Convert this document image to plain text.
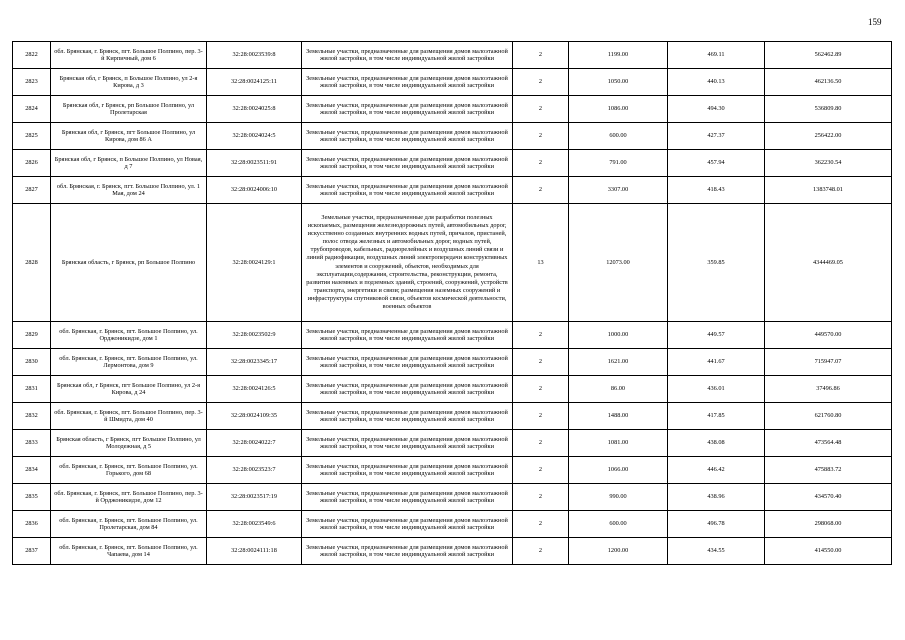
159
2822	обл. Брянская, г. Брянск, пгт. Большое Полпино, пер. 3-й Кирпичный, дом 6	32:28:0023539:8	Земельные участки, предназначенные для размещения домов малоэтажной жилой застройки, в том числе индивидуальной жилой застройки	2	1199.00	469.11	562462.89
2823	Брянская обл, г Брянск, п Большое Полпино, ул 2-я Кирова, д 3	32:28:0024125:11	Земельные участки, предназначенные для размещения домов малоэтажной жилой застройки, в том числе индивидуальной жилой застройки	2	1050.00	440.13	462136.50
2824	Брянская обл, г Брянск, рп Большое Полпино, ул Пролетарская	32:28:0024025:8	Земельные участки, предназначенные для размещения домов малоэтажной жилой застройки, в том числе индивидуальной жилой застройки	2	1086.00	494.30	536809.80
2825	Брянская обл, г Брянск, пгт Большое Полпино, ул Кирова, дом 86 А	32:28:0024024:5	Земельные участки, предназначенные для размещения домов малоэтажной жилой застройки, в том числе индивидуальной жилой застройки	2	600.00	427.37	256422.00
2826	Брянская обл, г Брянск, п Большое Полпино, ул Новая, д 7	32:28:0023511:91	Земельные участки, предназначенные для размещения домов малоэтажной жилой застройки, в том числе индивидуальной жилой застройки	2	791.00	457.94	362230.54
2827	обл. Брянская, г. Брянск, пгт. Большое Полпино, ул. 1 Мая, дом 24	32:28:0024006:10	Земельные участки, предназначенные для размещения домов малоэтажной жилой застройки, в том числе индивидуальной жилой застройки	2	3307.00	418.43	1383748.01
2828	Брянская область, г Брянск, рп Большое Полпино	32:28:0024129:1	Земельные участки, предназначенные для разработки полезных ископаемых, размещения железнодорожных путей, автомобильных дорог, искусственно созданных внутренних водных путей, причалов, пристаней, полос отвода железных и автомобильных дорог, водных путей, трубопроводов, кабельных, радиорелейных и воздушных линий связи и линий радиофикации, воздушных линий электропередачи конструктивных элементов и сооружений, объектов, необходимых для эксплуатации,содержания, строительства, реконструкции, ремонта, развития наземных и подземных зданий, строений, сооружений, устройств транспорта, энергетики и связи; размещения наземных сооружений и инфраструктуры спутниковой связи, объектов космической деятельности, военных объектов	13	12073.00	359.85	4344469.05
2829	обл. Брянская, г. Брянск, пгт. Большое Полпино, ул. Орджоникидзе, дом 1	32:28:0023502:9	Земельные участки, предназначенные для размещения домов малоэтажной жилой застройки, в том числе индивидуальной жилой застройки	2	1000.00	449.57	449570.00
2830	обл. Брянская, г. Брянск, пгт. Большое Полпино, ул. Лермонтова, дом 9	32:28:0023345:17	Земельные участки, предназначенные для размещения домов малоэтажной жилой застройки, в том числе индивидуальной жилой застройки	2	1621.00	441.67	715947.07
2831	Брянская обл, г Брянск, пгт Большое Полпино, ул 2-я Кирова, д 24	32:28:0024126:5	Земельные участки, предназначенные для размещения домов малоэтажной жилой застройки, в том числе индивидуальной жилой застройки	2	86.00	436.01	37496.86
2832	обл. Брянская, г. Брянск, пгт. Большое Полпино, пер. 3-й Шмидта, дом 40	32:28:0024109:35	Земельные участки, предназначенные для размещения домов малоэтажной жилой застройки, в том числе индивидуальной жилой застройки	2	1488.00	417.85	621760.80
2833	Брянская область, г Брянск, пгт Большое Полпино, ул Молодежная, д 5	32:28:0024022:7	Земельные участки, предназначенные для размещения домов малоэтажной жилой застройки, в том числе индивидуальной жилой застройки	2	1081.00	438.08	473564.48
2834	обл. Брянская, г. Брянск, пгт. Большое Полпино, ул. Горького, дом 68	32:28:0023523:7	Земельные участки, предназначенные для размещения домов малоэтажной жилой застройки, в том числе индивидуальной жилой застройки	2	1066.00	446.42	475883.72
2835	обл. Брянская, г. Брянск, пгт. Большое Полпино, пер. 3-й Орджоникидзе, дом 12	32:28:0023517:19	Земельные участки, предназначенные для размещения домов малоэтажной жилой застройки, в том числе индивидуальной жилой застройки	2	990.00	438.96	434570.40
2836	обл. Брянская, г. Брянск, пгт. Большое Полпино, ул. Пролетарская, дом 84	32:28:0023549:6	Земельные участки, предназначенные для размещения домов малоэтажной жилой застройки, в том числе индивидуальной жилой застройки	2	600.00	496.78	298068.00
2837	обл. Брянская, г. Брянск, пгт. Большое Полпино, ул. Чапаева, дом 14	32:28:0024111:18	Земельные участки, предназначенные для размещения домов малоэтажной жилой застройки, в том числе индивидуальной жилой застройки	2	1200.00	434.55	414550.00
